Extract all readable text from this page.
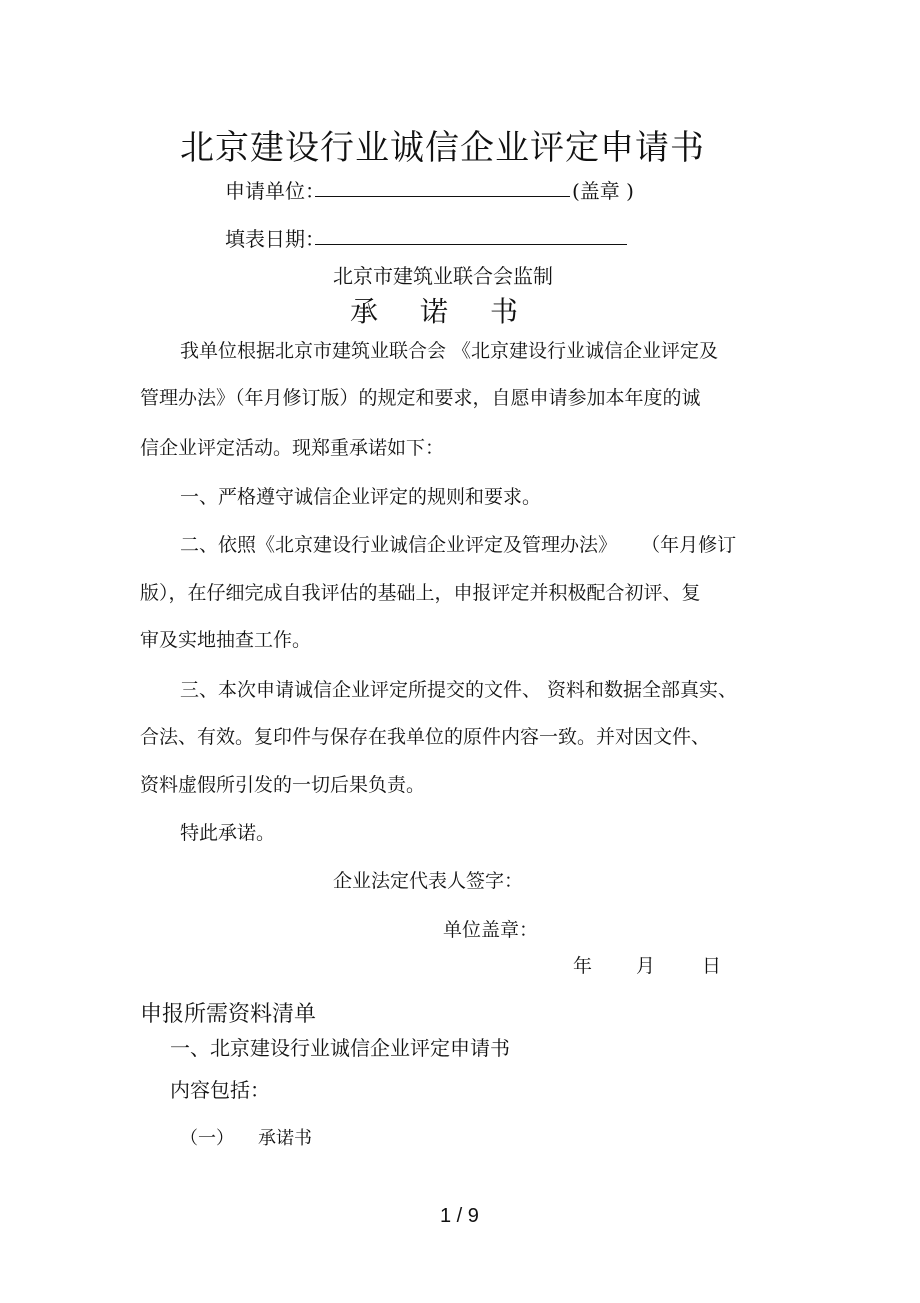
北京建设行业诚信企业评定申请书
申请单位：	(盖章 )
填表日期：
北京市建筑业联合会监制
承诺书
我单位根据北京市建筑业联合会 《北京建设行业诚信企业评定及
管理办法》（年月修订版）的规定和要求，自愿申请参加本年度的诚
信企业评定活动。现郑重承诺如下：
一、严格遵守诚信企业评定的规则和要求。
二、依照《北京建设行业诚信企业评定及管理办法》    （年月修订
版），在仔细完成自我评估的基础上，申报评定并积极配合初评、复
审及实地抽查工作。
三、本次申请诚信企业评定所提交的文件、 资料和数据全部真实、
合法、有效。复印件与保存在我单位的原件内容一致。并对因文件、
资料虚假所引发的一切后果负责。
特此承诺。
企业法定代表人签字：
单位盖章：
年 月 日
申报所需资料清单
一、北京建设行业诚信企业评定申请书
内容包括：
（一） 承诺书
1 / 9
